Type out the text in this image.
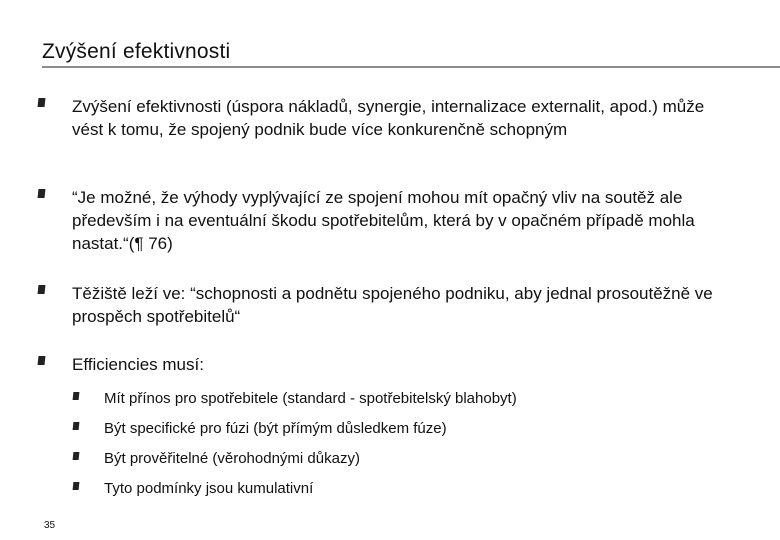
Zvýšení efektivnosti
Zvýšení efektivnosti (úspora nákladů, synergie, internalizace externalit, apod.) může vést k tomu, že spojený podnik bude více konkurenčně schopným
“Je možné, že výhody vyplývající ze spojení mohou mít opačný vliv na soutěž ale především i na eventuální škodu spotřebitelům, která by v opačném případě mohla nastat.“(¶ 76)
Těžiště leží ve: “schopnosti a podnětu spojeného podniku, aby jednal prosoutěžně ve prospěch spotřebitelů“
Efficiencies musí:
Mít přínos pro spotřebitele (standard - spotřebitelský blahobyt)
Být specifické pro fúzi (být přímým důsledkem fúze)
Být prověřitelné (věrohodnými důkazy)
Tyto podmínky jsou kumulativní
35
